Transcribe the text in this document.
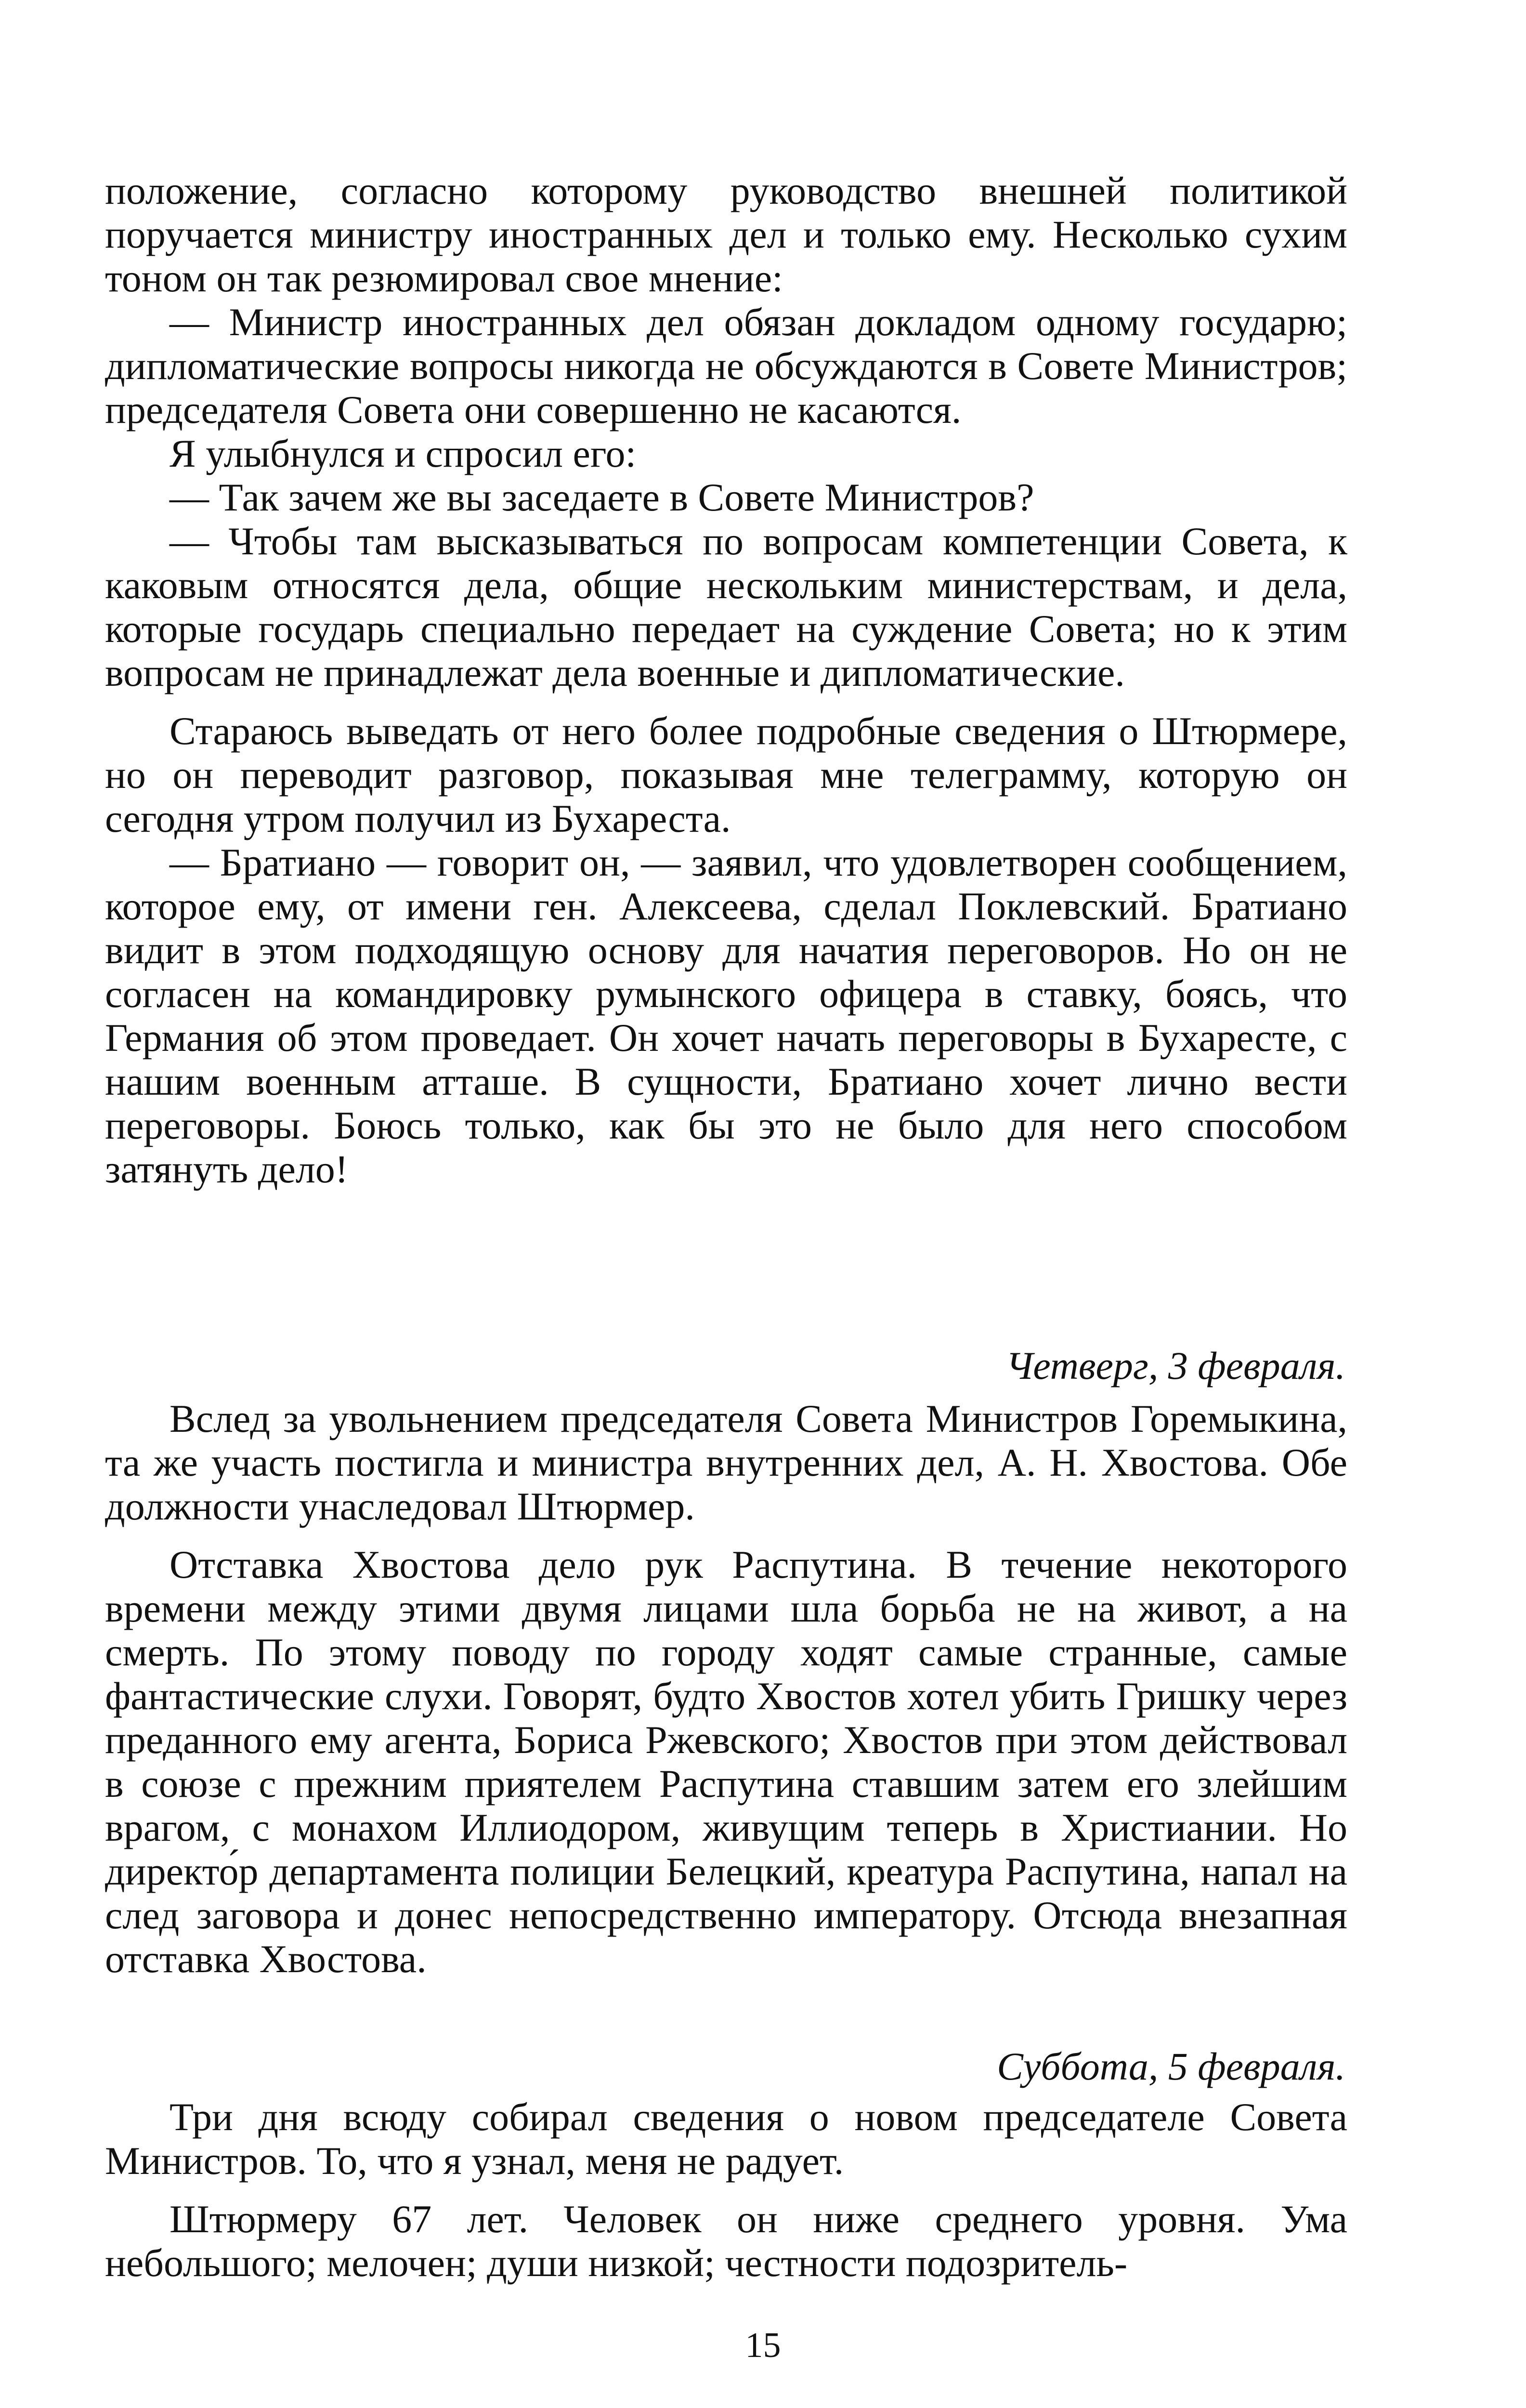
положение, согласно которому руководство внешней политикой поручается министру иностранных дел и только ему. Несколько сухим тоном он так резюмировал свое мнение:

— Министр иностранных дел обязан докладом одному государю; дипломатические вопросы никогда не обсуждаются в Совете Министров; председателя Совета они совершенно не касаются.

Я улыбнулся и спросил его:

— Так зачем же вы заседаете в Совете Министров?

— Чтобы там высказываться по вопросам компетенции Совета, к каковым относятся дела, общие нескольким министерствам, и дела, которые государь специально передает на суждение Совета; но к этим вопросам не принадлежат дела военные и дипломатические.

Стараюсь выведать от него более подробные сведения о Штюрмере, но он переводит разговор, показывая мне телеграмму, которую он сегодня утром получил из Бухареста.

— Братиано — говорит он, — заявил, что удовлетворен сообщением, которое ему, от имени ген. Алексеева, сделал Поклевский. Братиано видит в этом подходящую основу для начатия переговоров. Но он не согласен на командировку румынского офицера в ставку, боясь, что Германия об этом проведает. Он хочет начать переговоры в Бухаресте, с нашим военным атташе. В сущности, Братиано хочет лично вести переговоры. Боюсь только, как бы это не было для него способом затянуть дело!

Четверг, 3 февраля.

Вслед за увольнением председателя Совета Министров Горемыкина, та же участь постигла и министра внутренних дел, А. Н. Хвостова. Обе должности унаследовал Штюрмер.

Отставка Хвостова дело рук Распутина. В течение некоторого времени между этими двумя лицами шла борьба не на живот, а на смерть. По этому поводу по городу ходят самые странные, самые фантастические слухи. Говорят, будто Хвостов хотел убить Гришку через преданного ему агента, Бориса Ржевского; Хвостов при этом действовал в союзе с прежним приятелем Распутина ставшим затем его злейшим врагом, с монахом Иллиодором, живущим теперь в Христиании. Но директо́р департамента полиции Белецкий, креатура Распутина, напал на след заговора и донес непосредственно императору. Отсюда внезапная отставка Хвостова.

Суббота, 5 февраля.

Три дня всюду собирал сведения о новом председателе Совета Министров. То, что я узнал, меня не радует.

Штюрмеру 67 лет. Человек он ниже среднего уровня. Ума небольшого; мелочен; души низкой; честности подозритель-

15
